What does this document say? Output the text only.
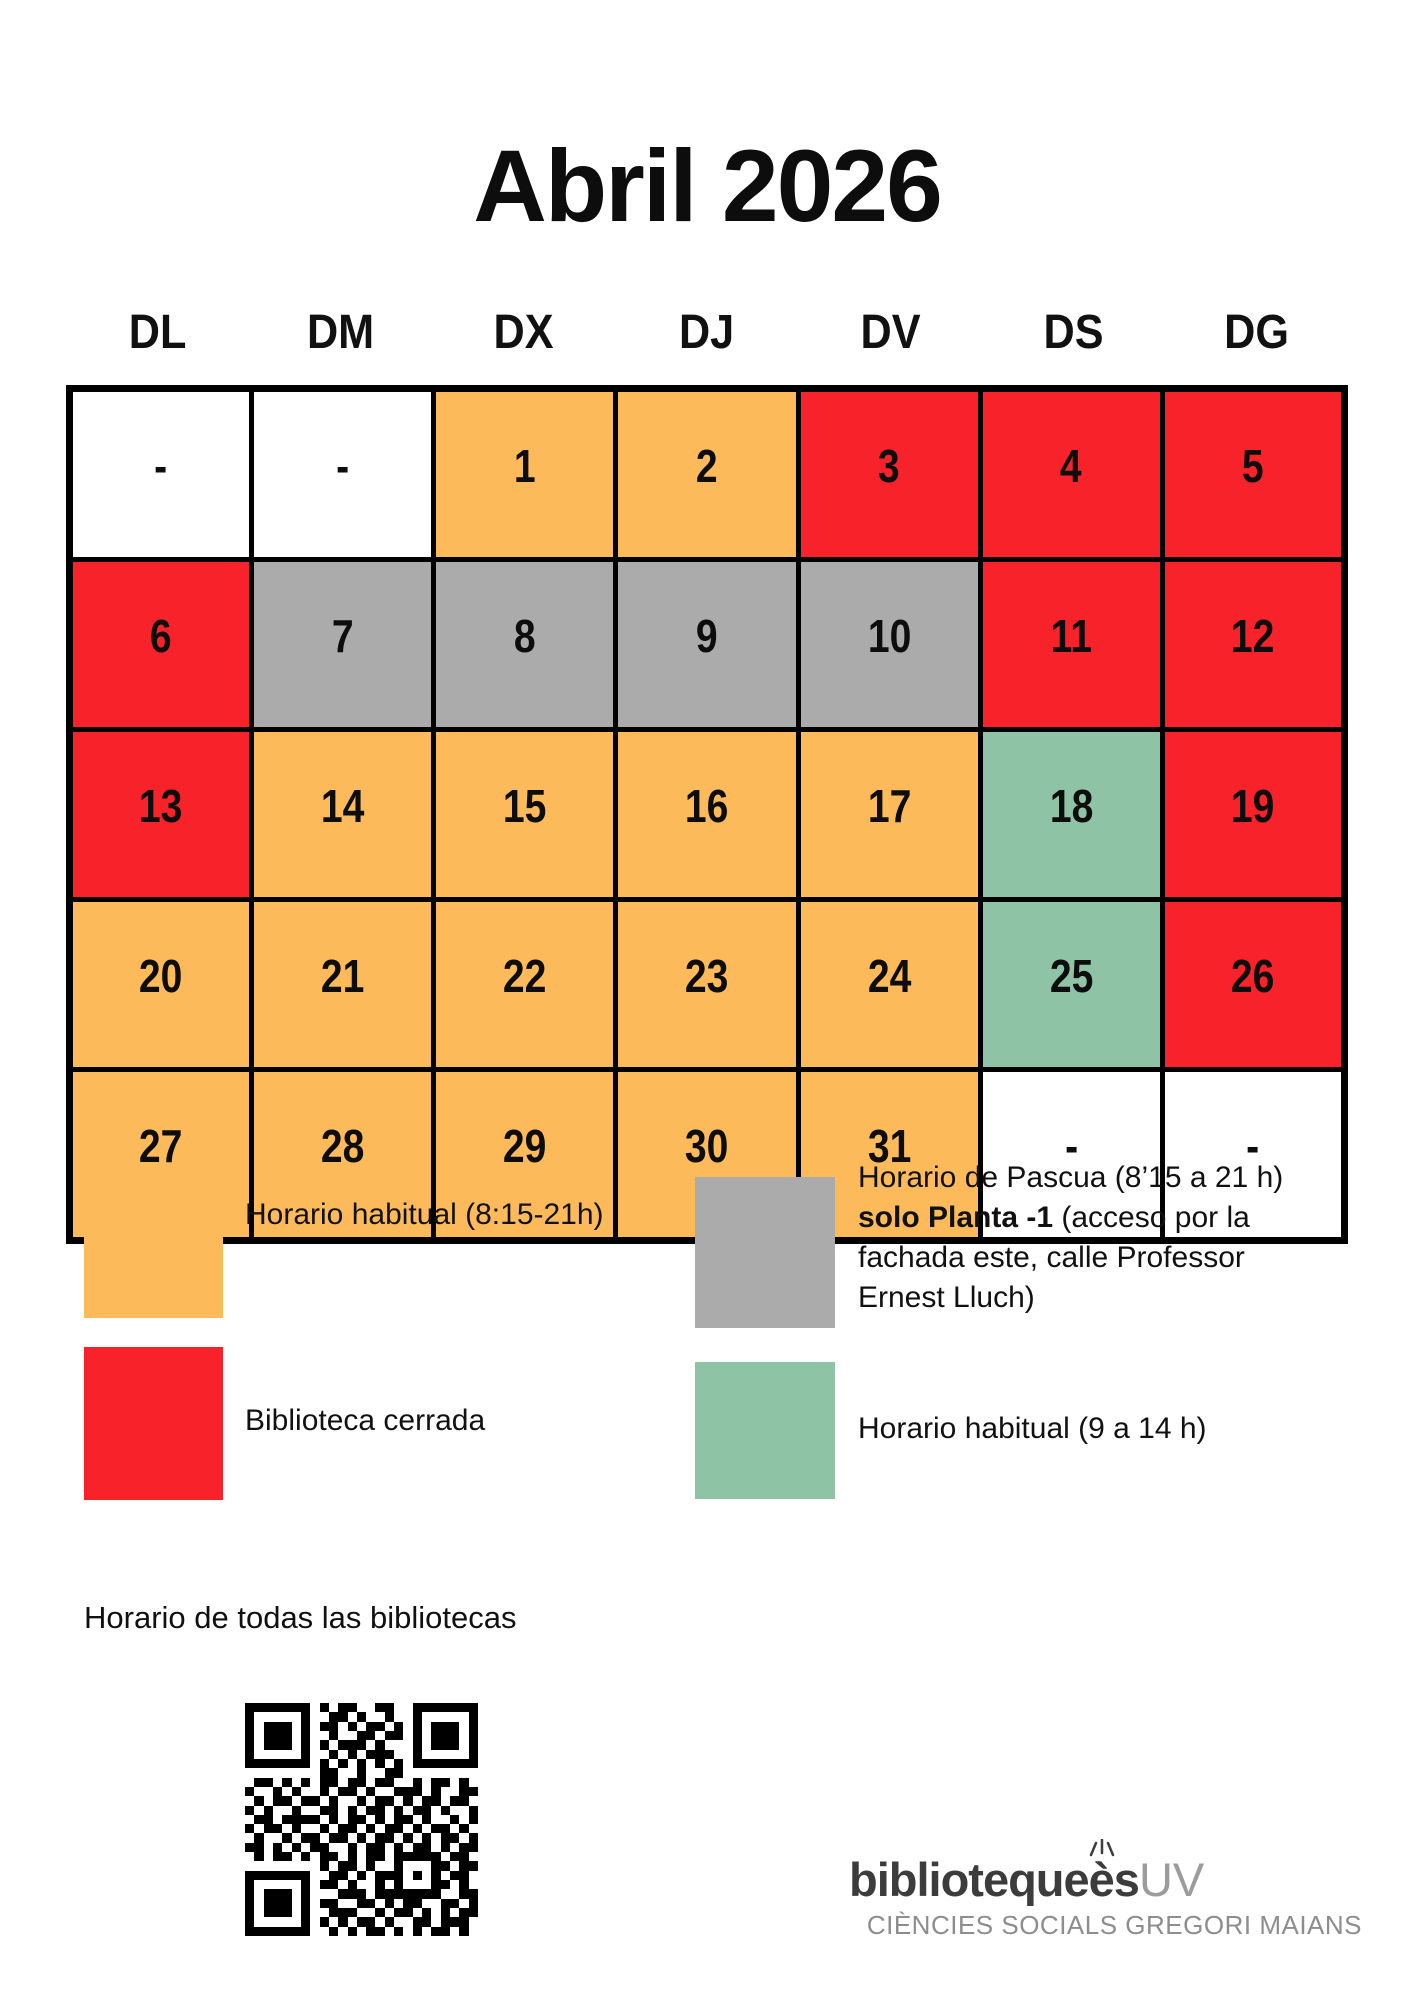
Abril 2026
DL	DM	DX	DJ	DV	DS	DG
-	-	1	2	3	4	5
6	7	8	9	10	11	12
13	14	15	16	17	18	19
20	21	22	23	24	25	26
27	28	29	30	31	-	-
Horario habitual (8:15-21h)
Horario de Pascua (8’15 a 21 h)
solo Planta -1 (acceso por la fachada este, calle Professor Ernest Lluch)
Biblioteca cerrada	Horario habitual (9 a 14 h)
Horario de todas las bibliotecas
bibliotequeè
sUV
CIÈNCIES SOCIALS GREGORI MAIANS
